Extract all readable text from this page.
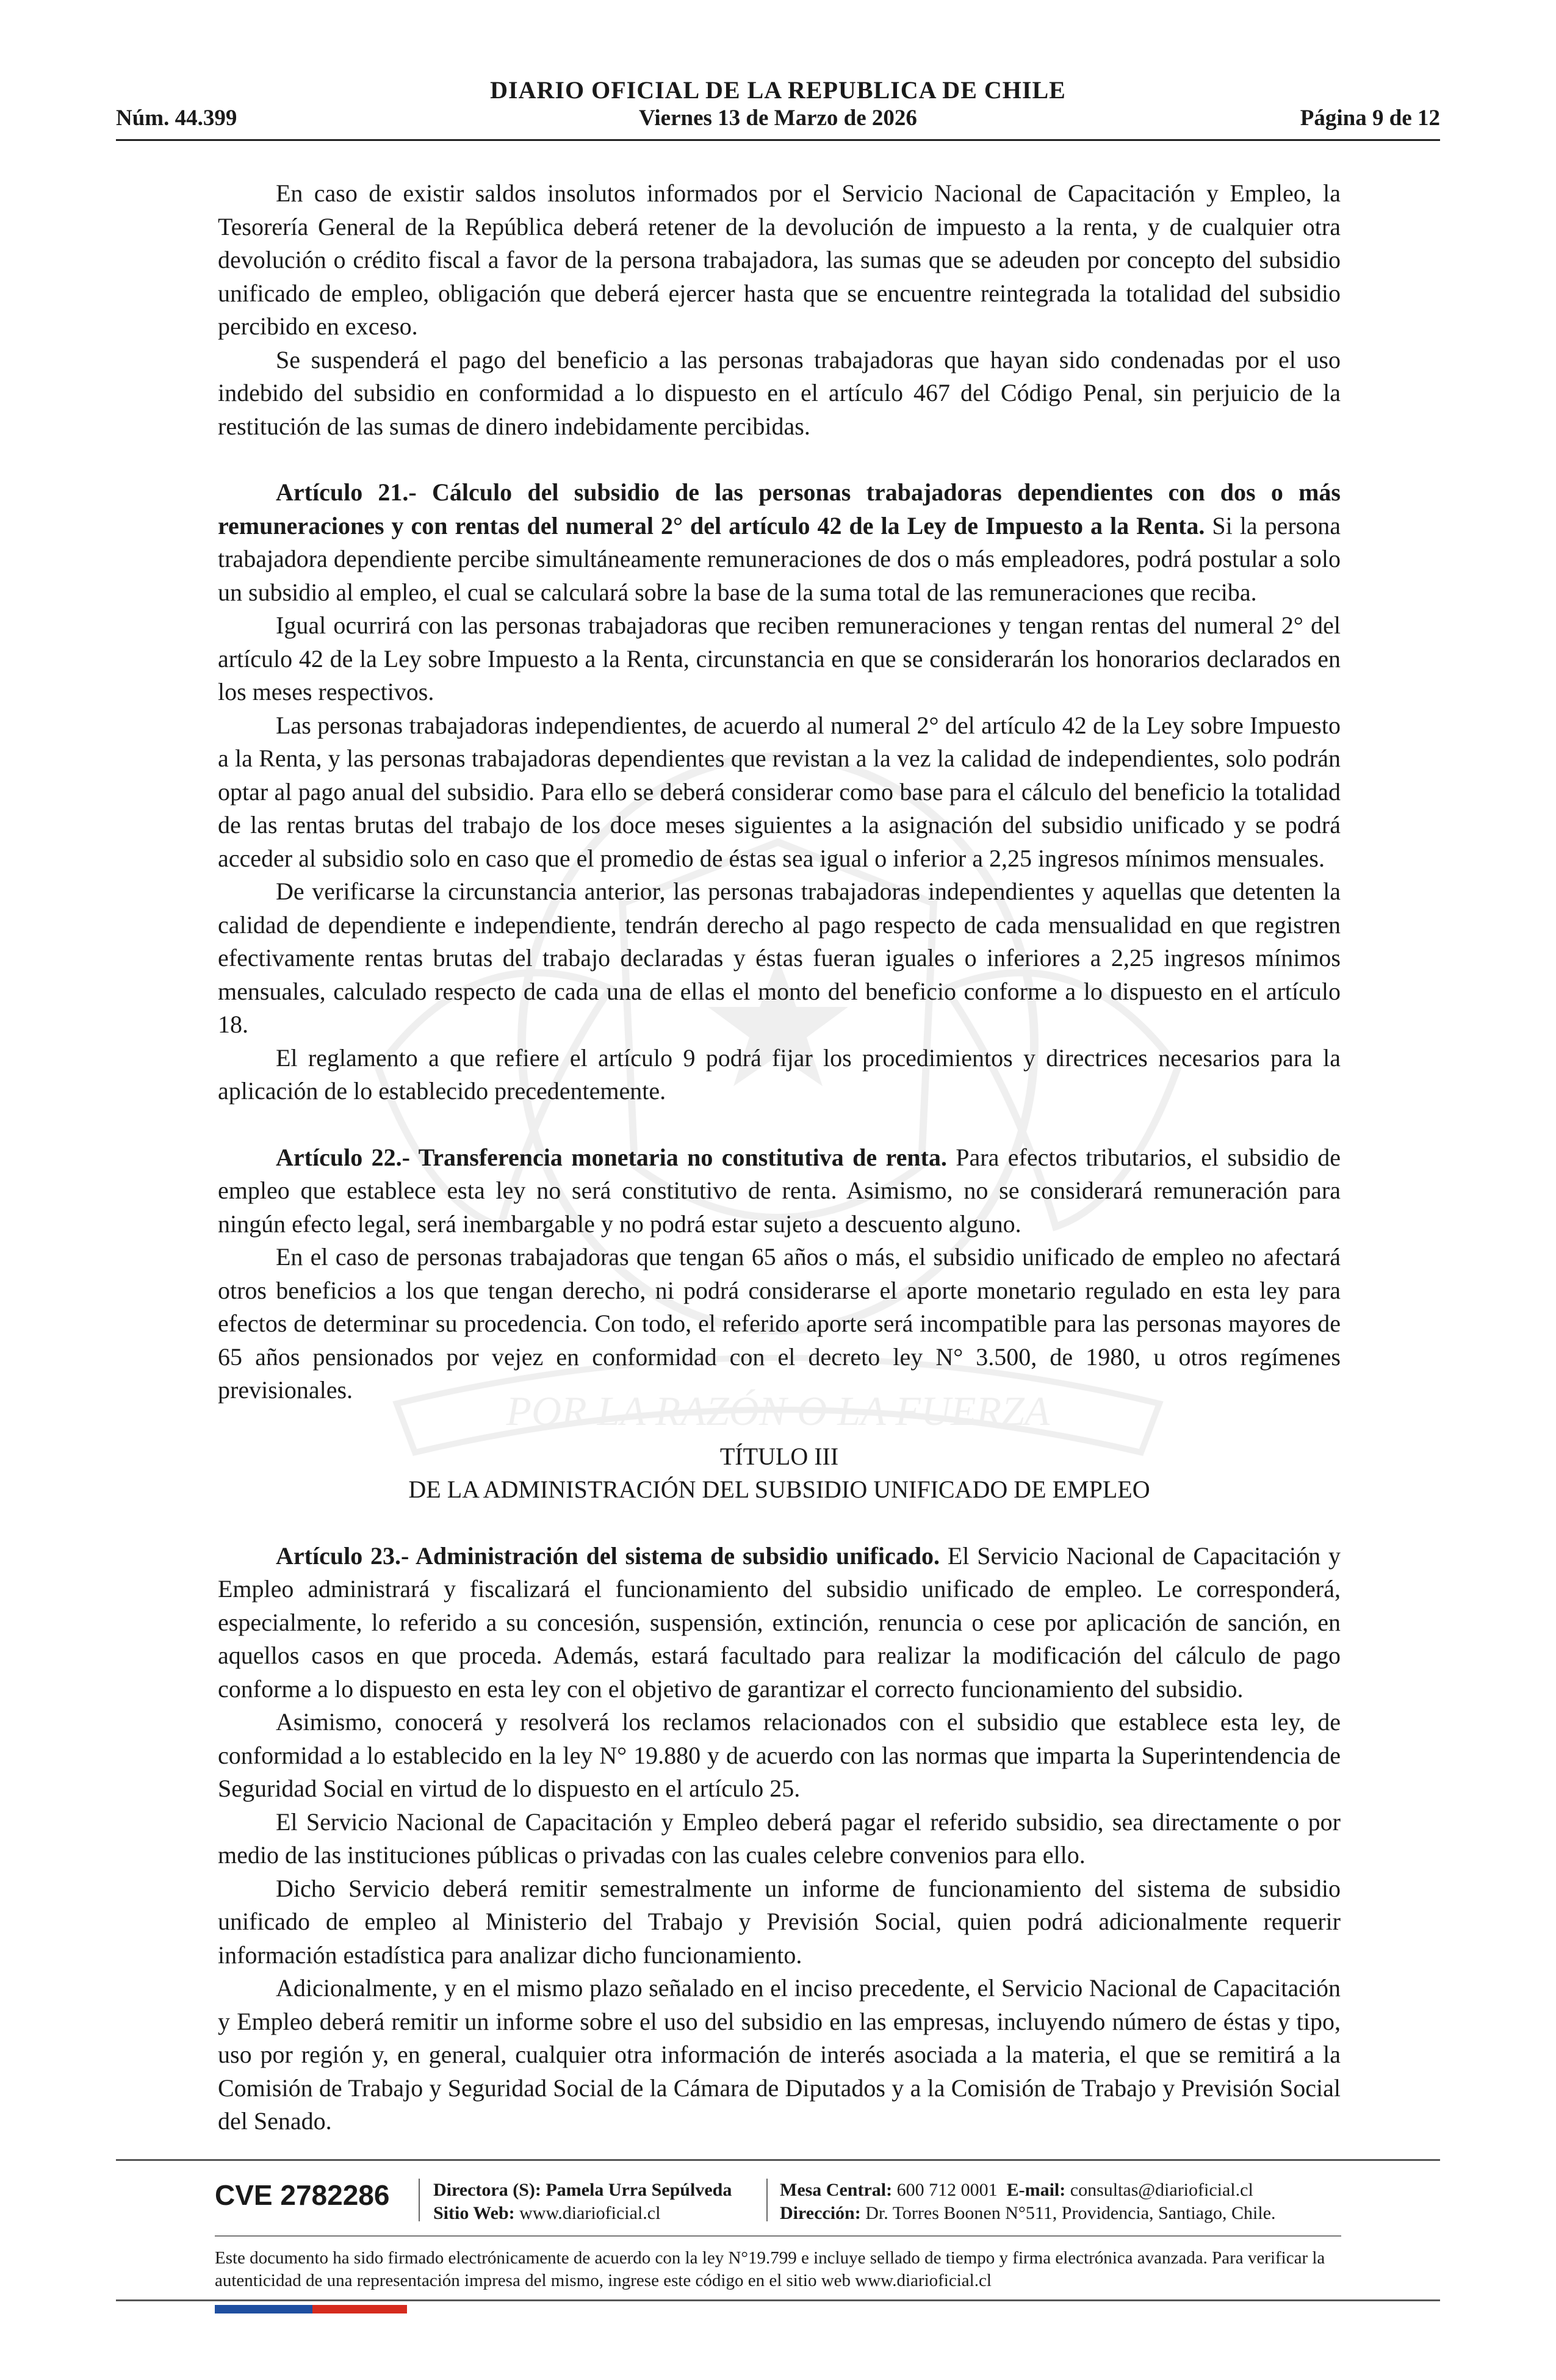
POR LA RAZÓN O LA FUERZA
DIARIO OFICIAL DE LA REPUBLICA DE CHILE
Núm. 44.399	Viernes 13 de Marzo de 2026	Página 9 de 12

En caso de existir saldos insolutos informados por el Servicio Nacional de Capacitación y Empleo, la Tesorería General de la República deberá retener de la devolución de impuesto a la renta, y de cualquier otra devolución o crédito fiscal a favor de la persona trabajadora, las sumas que se adeuden por concepto del subsidio unificado de empleo, obligación que deberá ejercer hasta que se encuentre reintegrada la totalidad del subsidio percibido en exceso.

Se suspenderá el pago del beneficio a las personas trabajadoras que hayan sido condenadas por el uso indebido del subsidio en conformidad a lo dispuesto en el artículo 467 del Código Penal, sin perjuicio de la restitución de las sumas de dinero indebidamente percibidas.

Artículo 21.- Cálculo del subsidio de las personas trabajadoras dependientes con dos o más remuneraciones y con rentas del numeral 2° del artículo 42 de la Ley de Impuesto a la Renta. Si la persona trabajadora dependiente percibe simultáneamente remuneraciones de dos o más empleadores, podrá postular a solo un subsidio al empleo, el cual se calculará sobre la base de la suma total de las remuneraciones que reciba.

Igual ocurrirá con las personas trabajadoras que reciben remuneraciones y tengan rentas del numeral 2° del artículo 42 de la Ley sobre Impuesto a la Renta, circunstancia en que se considerarán los honorarios declarados en los meses respectivos.

Las personas trabajadoras independientes, de acuerdo al numeral 2° del artículo 42 de la Ley sobre Impuesto a la Renta, y las personas trabajadoras dependientes que revistan a la vez la calidad de independientes, solo podrán optar al pago anual del subsidio. Para ello se deberá considerar como base para el cálculo del beneficio la totalidad de las rentas brutas del trabajo de los doce meses siguientes a la asignación del subsidio unificado y se podrá acceder al subsidio solo en caso que el promedio de éstas sea igual o inferior a 2,25 ingresos mínimos mensuales.

De verificarse la circunstancia anterior, las personas trabajadoras independientes y aquellas que detenten la calidad de dependiente e independiente, tendrán derecho al pago respecto de cada mensualidad en que registren efectivamente rentas brutas del trabajo declaradas y éstas fueran iguales o inferiores a 2,25 ingresos mínimos mensuales, calculado respecto de cada una de ellas el monto del beneficio conforme a lo dispuesto en el artículo 18.

El reglamento a que refiere el artículo 9 podrá fijar los procedimientos y directrices necesarios para la aplicación de lo establecido precedentemente.

Artículo 22.- Transferencia monetaria no constitutiva de renta. Para efectos tributarios, el subsidio de empleo que establece esta ley no será constitutivo de renta. Asimismo, no se considerará remuneración para ningún efecto legal, será inembargable y no podrá estar sujeto a descuento alguno.

En el caso de personas trabajadoras que tengan 65 años o más, el subsidio unificado de empleo no afectará otros beneficios a los que tengan derecho, ni podrá considerarse el aporte monetario regulado en esta ley para efectos de determinar su procedencia. Con todo, el referido aporte será incompatible para las personas mayores de 65 años pensionados por vejez en conformidad con el decreto ley N° 3.500, de 1980, u otros regímenes previsionales.

TÍTULO III
DE LA ADMINISTRACIÓN DEL SUBSIDIO UNIFICADO DE EMPLEO

Artículo 23.- Administración del sistema de subsidio unificado. El Servicio Nacional de Capacitación y Empleo administrará y fiscalizará el funcionamiento del subsidio unificado de empleo. Le corresponderá, especialmente, lo referido a su concesión, suspensión, extinción, renuncia o cese por aplicación de sanción, en aquellos casos en que proceda. Además, estará facultado para realizar la modificación del cálculo de pago conforme a lo dispuesto en esta ley con el objetivo de garantizar el correcto funcionamiento del subsidio.

Asimismo, conocerá y resolverá los reclamos relacionados con el subsidio que establece esta ley, de conformidad a lo establecido en la ley N° 19.880 y de acuerdo con las normas que imparta la Superintendencia de Seguridad Social en virtud de lo dispuesto en el artículo 25.

El Servicio Nacional de Capacitación y Empleo deberá pagar el referido subsidio, sea directamente o por medio de las instituciones públicas o privadas con las cuales celebre convenios para ello.

Dicho Servicio deberá remitir semestralmente un informe de funcionamiento del sistema de subsidio unificado de empleo al Ministerio del Trabajo y Previsión Social, quien podrá adicionalmente requerir información estadística para analizar dicho funcionamiento.

Adicionalmente, y en el mismo plazo señalado en el inciso precedente, el Servicio Nacional de Capacitación y Empleo deberá remitir un informe sobre el uso del subsidio en las empresas, incluyendo número de éstas y tipo, uso por región y, en general, cualquier otra información de interés asociada a la materia, el que se remitirá a la Comisión de Trabajo y Seguridad Social de la Cámara de Diputados y a la Comisión de Trabajo y Previsión Social del Senado.

CVE 2782286 Directora (S): Pamela Urra Sepúlveda
Sitio Web: www.diarioficial.cl
Mesa Central: 600 712 0001 E-mail: consultas@diarioficial.cl
Dirección: Dr. Torres Boonen N°511, Providencia, Santiago, Chile.
Este documento ha sido firmado electrónicamente de acuerdo con la ley N°19.799 e incluye sellado de tiempo y firma electrónica avanzada. Para verificar la autenticidad de una representación impresa del mismo, ingrese este código en el sitio web www.diarioficial.cl
